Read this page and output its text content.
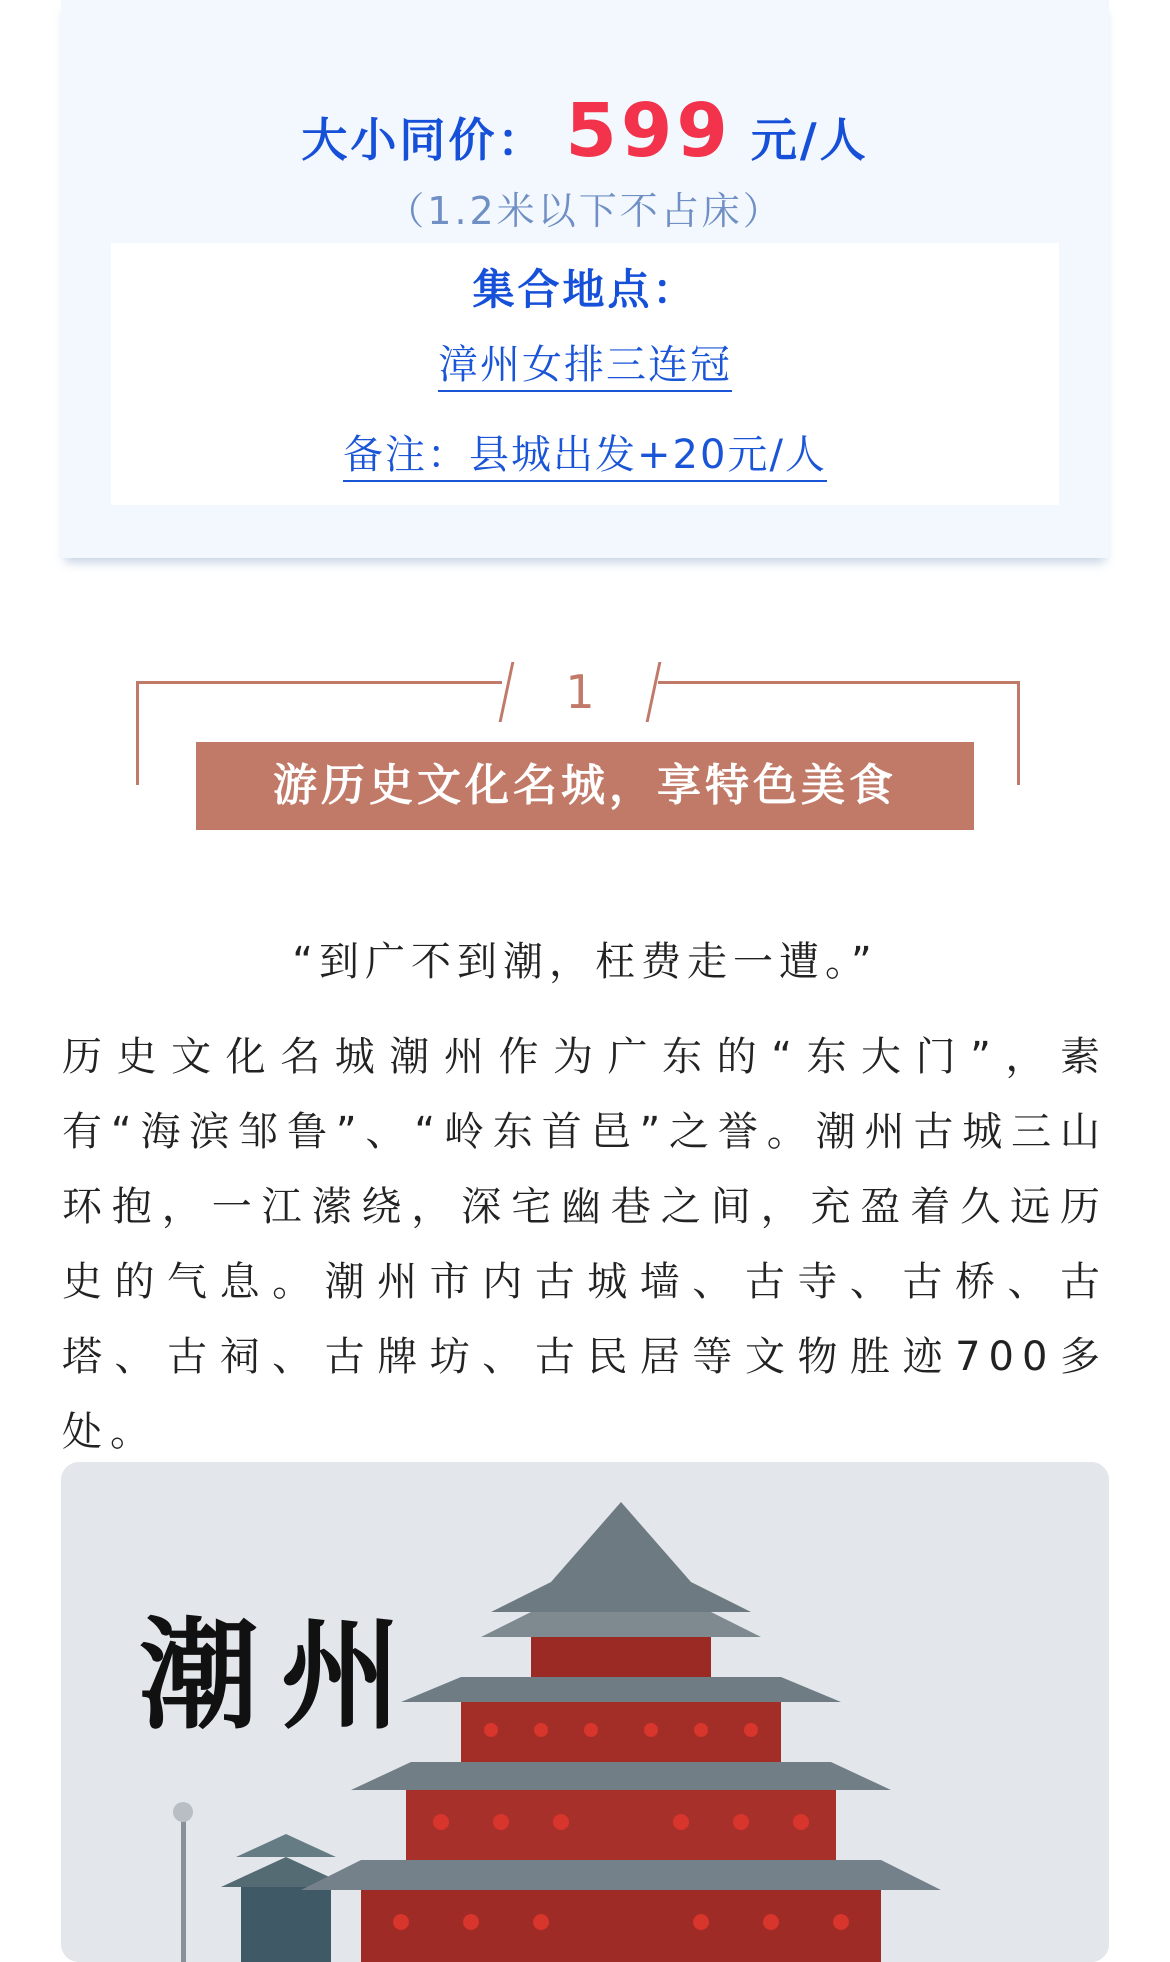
大小同价： 599 元/人
（1.2米以下不占床）
集合地点：
漳州女排三连冠
备注：县城出发+20元/人
1
游历史文化名城，享特色美食
“到广不到潮，枉费走一遭。”

历史文化名城潮州作为广东的“东大门”，素有“海滨邹鲁”、“岭东首邑”之誉。潮州古城三山环抱，一江潆绕，深宅幽巷之间，充盈着久远历史的气息。潮州市内古城墙、古寺、古桥、古塔、古祠、古牌坊、古民居等文物胜迹700多处。

潮州
